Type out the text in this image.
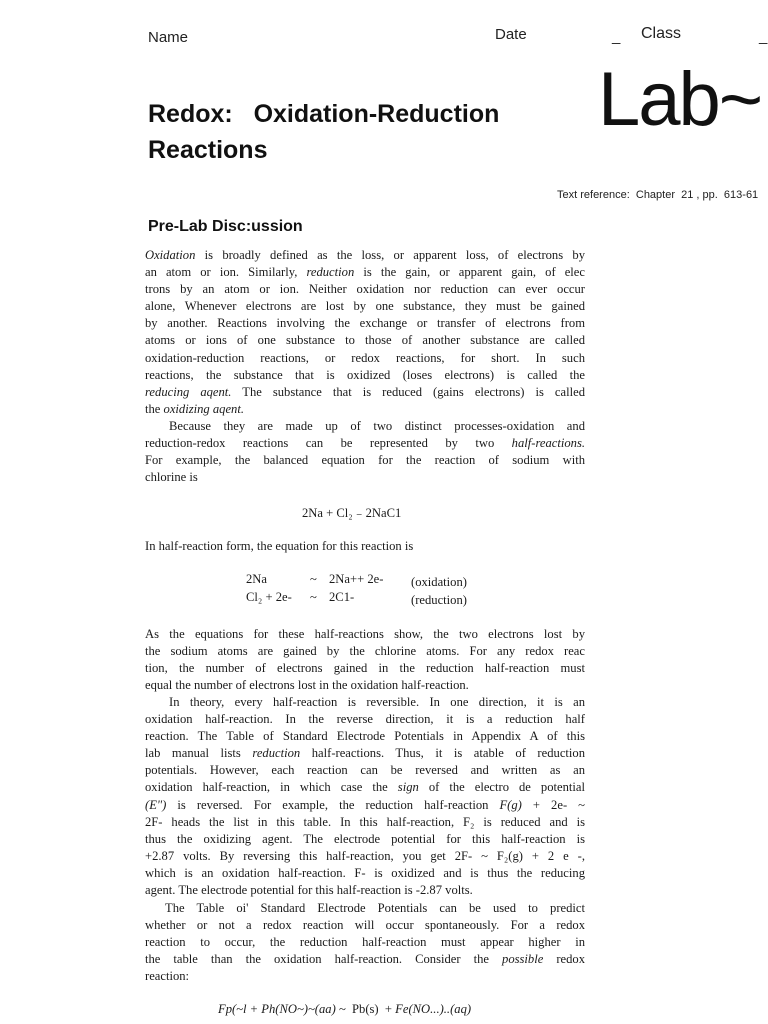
Name	Date	_ Class	_
Lab~
Redox:   Oxidation-Reduction
Reactions
Text reference:  Chapter  21 , pp.  613-61
Pre-Lab Disc:ussion
Oxidation is broadly defined as the loss, or apparent loss, of electrons by
an atom or ion. Similarly, reduction is the gain, or apparent gain, of elec
trons by an atom or ion. Neither oxidation nor reduction can ever occur
alone, Whenever electrons are lost by one substance, they must be gained
by another. Reactions involving the exchange or transfer of electrons from
atoms or ions of one substance to those of another substance are called
oxidation-reduction reactions, or redox reactions, for short. In such
reactions, the substance that is oxidized (loses electrons) is called the
reducing aqent. The substance that is reduced (gains electrons) is called
the oxidizing aqent.
Because they are made up of two distinct processes-oxidation and
reduction-redox reactions can be represented by two half-reactions.
For example, the balanced equation for the reaction of sodium with
chlorine is
2Na + Cl₂ ₋ 2NaC1
In half-reaction form, the equation for this reaction is
2Na	~ 2Na++ 2e- (oxidation)
Cl₂ + 2e- ~ 2C1-	(reduction)
As the equations for these half-reactions show, the two electrons lost by
the sodium atoms are gained by the chlorine atoms. For any redox reac
tion, the number of electrons gained in the reduction half-reaction must
equal the number of electrons lost in the oxidation half-reaction.
In theory, every half-reaction is reversible. In one direction, it is an
oxidation half-reaction. In the reverse direction, it is a reduction half
reaction. The Table of Standard Electrode Potentials in Appendix A of this
lab manual lists reduction half-reactions. Thus, it is atable of reduction
potentials. However, each reaction can be reversed and written as an
oxidation half-reaction, in which case the sign of the electro de potential
(E") is reversed. For example, the reduction half-reaction F(g) + 2e- ~
2F- heads the list in this table. In this half-reaction, F₂ is reduced and is
thus the oxidizing agent. The electrode potential for this half-reaction is
+2.87 volts. By reversing this half-reaction, you get 2F- ~ F₂(g) + 2 e -,
which is an oxidation half-reaction. F- is oxidized and is thus the reducing
agent. The electrode potential for this half-reaction is -2.87 volts.
The Table oi' Standard Electrode Potentials can be used to predict
whether or not a redox reaction will occur spontaneously. For a redox
reaction to occur, the reduction half-reaction must appear higher in
the table than the oxidation half-reaction. Consider the possible redox
reaction:
Fp(~l + Ph(NO~)~(aa) ~  Pb(s)  + Fe(NO...)..(aq)
